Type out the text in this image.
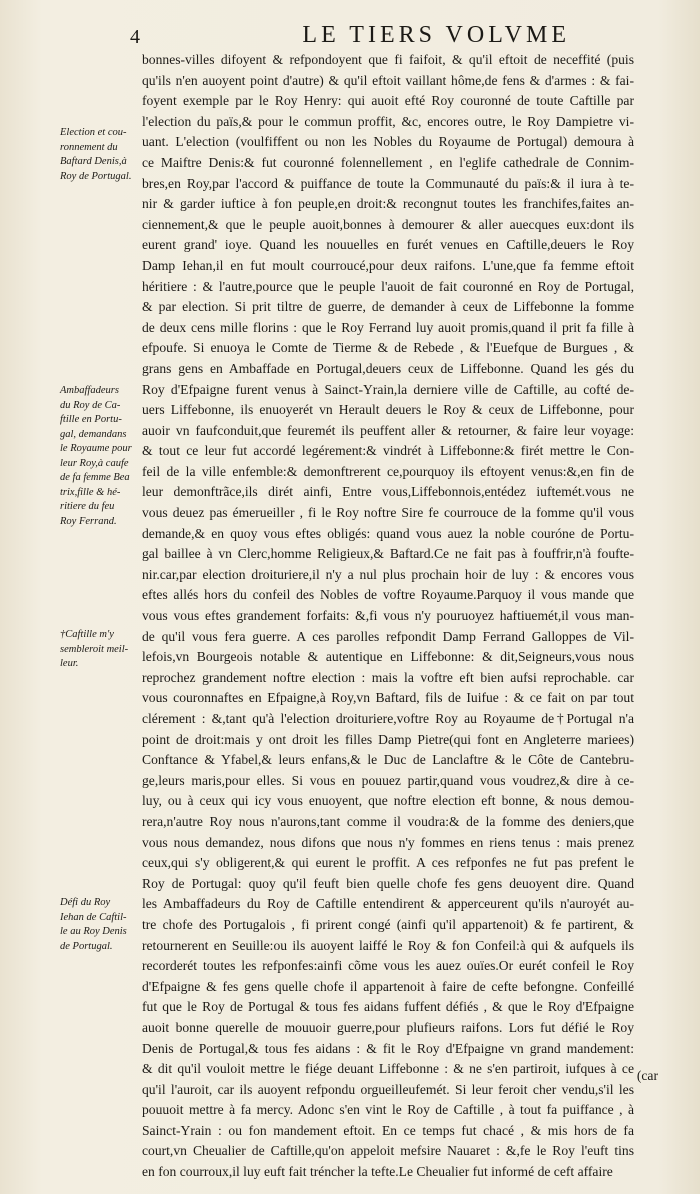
4	LE TIERS VOLVME
bonnes-villes difoyent & refpondoyent que fi faifoit, & qu'il eftoit de neceffité (puis
qu'ils n'en auoyent point d'autre) & qu'il eftoit vaillant hôme,de fens & d'armes : & fai-
foyent exemple par le Roy Henry: qui auoit efté Roy couronné de toute Caftille par
l'election du païs,& pour le commun proffit, &c, encores outre, le Roy Dampietre vi-
uant. L'election (voulfiffent ou non les Nobles du Royaume de Portugal) demoura à
ce Maiftre Denis:& fut couronné folennellement , en l'eglife cathedrale de Connim-
bres,en Roy,par l'accord & puiffance de toute la Communauté du païs:& il iura à te-
nir & garder iuftice à fon peuple,en droit:& recongnut toutes les franchifes,faites an-
ciennement,& que le peuple auoit,bonnes à demourer & aller auecques eux:dont ils
eurent grand' ioye. Quand les nouuelles en furét venues en Caftille,deuers le Roy
Damp Iehan,il en fut moult courroucé,pour deux raifons. L'une,que fa femme eftoit
héritiere : & l'autre,pource que le peuple l'auoit de fait couronné en Roy de Portugal,
& par election. Si prit tiltre de guerre, de demander à ceux de Liffebonne la fomme
de deux cens mille florins : que le Roy Ferrand luy auoit promis,quand il prit fa fille à
efpoufe. Si enuoya le Comte de Tierme & de Rebede , & l'Euefque de Burgues , &
grans gens en Ambaffade en Portugal,deuers ceux de Liffebonne. Quand les gés du
Roy d'Efpaigne furent venus à Sainct-Yrain,la derniere ville de Caftille, au cofté de-
uers Liffebonne, ils enuoyerét vn Herault deuers le Roy & ceux de Liffebonne, pour
auoir vn faufconduit,que feuremét ils peuffent aller & retourner, & faire leur voyage:
& tout ce leur fut accordé legérement:& vindrét à Liffebonne:& firét mettre le Con-
feil de la ville enfemble:& demonftrerent ce,pourquoy ils eftoyent venus:&,en fin de
leur demonftrãce,ils dirét ainfi, Entre vous,Liffebonnois,entédez iuftemét.vous ne
vous deuez pas émerueiller , fi le Roy noftre Sire fe courrouce de la fomme qu'il vous
demande,& en quoy vous eftes obligés: quand vous auez la noble couróne de Portu-
gal baillee à vn Clerc,homme Religieux,& Baftard.Ce ne fait pas à fouffrir,n'à foufte-
nir.car,par election droituriere,il n'y a nul plus prochain hoir de luy : & encores vous
eftes allés hors du confeil des Nobles de voftre Royaume.Parquoy il vous mande que
vous vous eftes grandement forfaits: &,fi vous n'y pouruoyez haftiuemét,il vous man-
de qu'il vous fera guerre. A ces parolles refpondit Damp Ferrand Galloppes de Vil-
lefois,vn Bourgeois notable & autentique en Liffebonne: & dit,Seigneurs,vous nous
reprochez grandement noftre election : mais la voftre eft bien aufsi reprochable. car
vous couronnaftes en Efpaigne,à Roy,vn Baftard, fils de Iuifue : & ce fait on par tout
clérement : &,tant qu'à l'election droituriere,voftre Roy au Royaume de†Portugal n'a
point de droit:mais y ont droit les filles Damp Pietre(qui font en Angleterre mariees)
Conftance & Yfabel,& leurs enfans,& le Duc de Lanclaftre & le Côte de Cantebru-
ge,leurs maris,pour elles. Si vous en pouuez partir,quand vous voudrez,& dire à ce-
luy, ou à ceux qui icy vous enuoyent, que noftre election eft bonne, & nous demou-
rera,n'autre Roy nous n'aurons,tant comme il voudra:& de la fomme des deniers,que
vous nous demandez, nous difons que nous n'y fommes en riens tenus : mais prenez
ceux,qui s'y obligerent,& qui eurent le proffit. A ces refponfes ne fut pas prefent le
Roy de Portugal: quoy qu'il feuft bien quelle chofe fes gens deuoyent dire. Quand
les Ambaffadeurs du Roy de Caftille entendirent & apperceurent qu'ils n'auroyét au-
tre chofe des Portugalois , fi prirent congé (ainfi qu'il appartenoit) & fe partirent, &
retournerent en Seuille:ou ils auoyent laiffé le Roy & fon Confeil:à qui & aufquels ils
recorderét toutes les refponfes:ainfi cõme vous les auez ouïes.Or eurét confeil le Roy
d'Efpaigne & fes gens quelle chofe il appartenoit à faire de cefte befongne. Confeillé
fut que le Roy de Portugal & tous fes aidans fuffent défiés , & que le Roy d'Efpaigne
auoit bonne querelle de mouuoir guerre,pour plufieurs raifons. Lors fut défié le Roy
Denis de Portugal,& tous fes aidans : & fit le Roy d'Efpaigne vn grand mandement:
& dit qu'il vouloit mettre le fiége deuant Liffebonne : & ne s'en partiroit, iufques à ce
qu'il l'auroit, car ils auoyent refpondu orgueilleufemét. Si leur feroit cher vendu,s'il les
pouuoit mettre à fa mercy. Adonc s'en vint le Roy de Caftille , à tout fa puiffance , à
Sainct-Yrain : ou fon mandement eftoit. En ce temps fut chacé , & mis hors de fa
court,vn Cheualier de Caftille,qu'on appeloit mefsire Nauaret : &,fe le Roy l'euft tins
en fon courroux,il luy euft fait tréncher la tefte.Le Cheualier fut informé de ceft affaire
Election et cou-
ronnement du
Baftard Denis,à
Roy de Portugal.
Ambaffadeurs
du Roy de Ca-
ftille en Portu-
gal, demandans
le Royaume pour
leur Roy,à caufe
de fa femme Bea
trix,fille & hé-
ritiere du feu
Roy Ferrand.
†Caftille m'y
sembleroit meil-
leur.
Défi du Roy
Iehan de Caftil-
le au Roy Denis
de Portugal.
(car
